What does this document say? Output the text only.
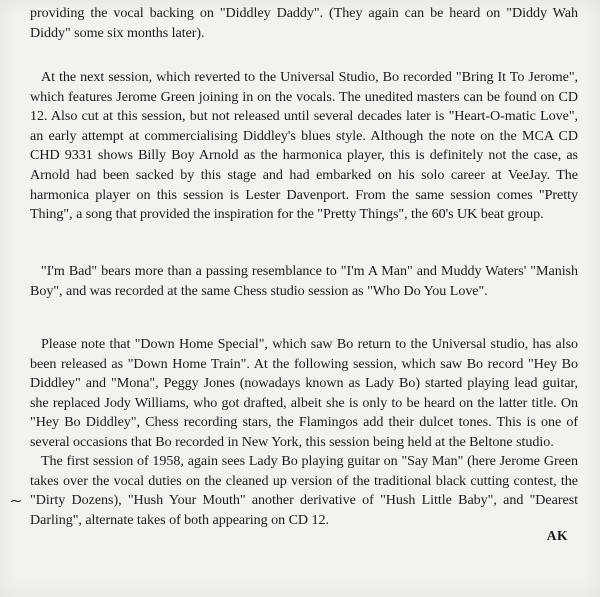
providing the vocal backing on "Diddley Daddy". (They again can be heard on "Diddy Wah Diddy" some six months later).

At the next session, which reverted to the Universal Studio, Bo recorded "Bring It To Jerome", which features Jerome Green joining in on the vocals. The unedited masters can be found on CD 12. Also cut at this session, but not released until several decades later is "Heart-O-matic Love", an early attempt at commercialising Diddley's blues style. Although the note on the MCA CD CHD 9331 shows Billy Boy Arnold as the harmonica player, this is definitely not the case, as Arnold had been sacked by this stage and had embarked on his solo career at VeeJay. The harmonica player on this session is Lester Davenport. From the same session comes "Pretty Thing", a song that provided the inspiration for the "Pretty Things", the 60's UK beat group.

"I'm Bad" bears more than a passing resemblance to "I'm A Man" and Muddy Waters' "Manish Boy", and was recorded at the same Chess studio session as "Who Do You Love".

Please note that "Down Home Special", which saw Bo return to the Universal studio, has also been released as "Down Home Train". At the following session, which saw Bo record "Hey Bo Diddley" and "Mona", Peggy Jones (nowadays known as Lady Bo) started playing lead guitar, she replaced Jody Williams, who got drafted, albeit she is only to be heard on the latter title. On "Hey Bo Diddley", Chess recording stars, the Flamingos add their dulcet tones. This is one of several occasions that Bo recorded in New York, this session being held at the Beltone studio.

The first session of 1958, again sees Lady Bo playing guitar on "Say Man" (here Jerome Green takes over the vocal duties on the cleaned up version of the traditional black cutting contest, the "Dirty Dozens), "Hush Your Mouth" another derivative of "Hush Little Baby", and "Dearest Darling", alternate takes of both appearing on CD 12.

AK
